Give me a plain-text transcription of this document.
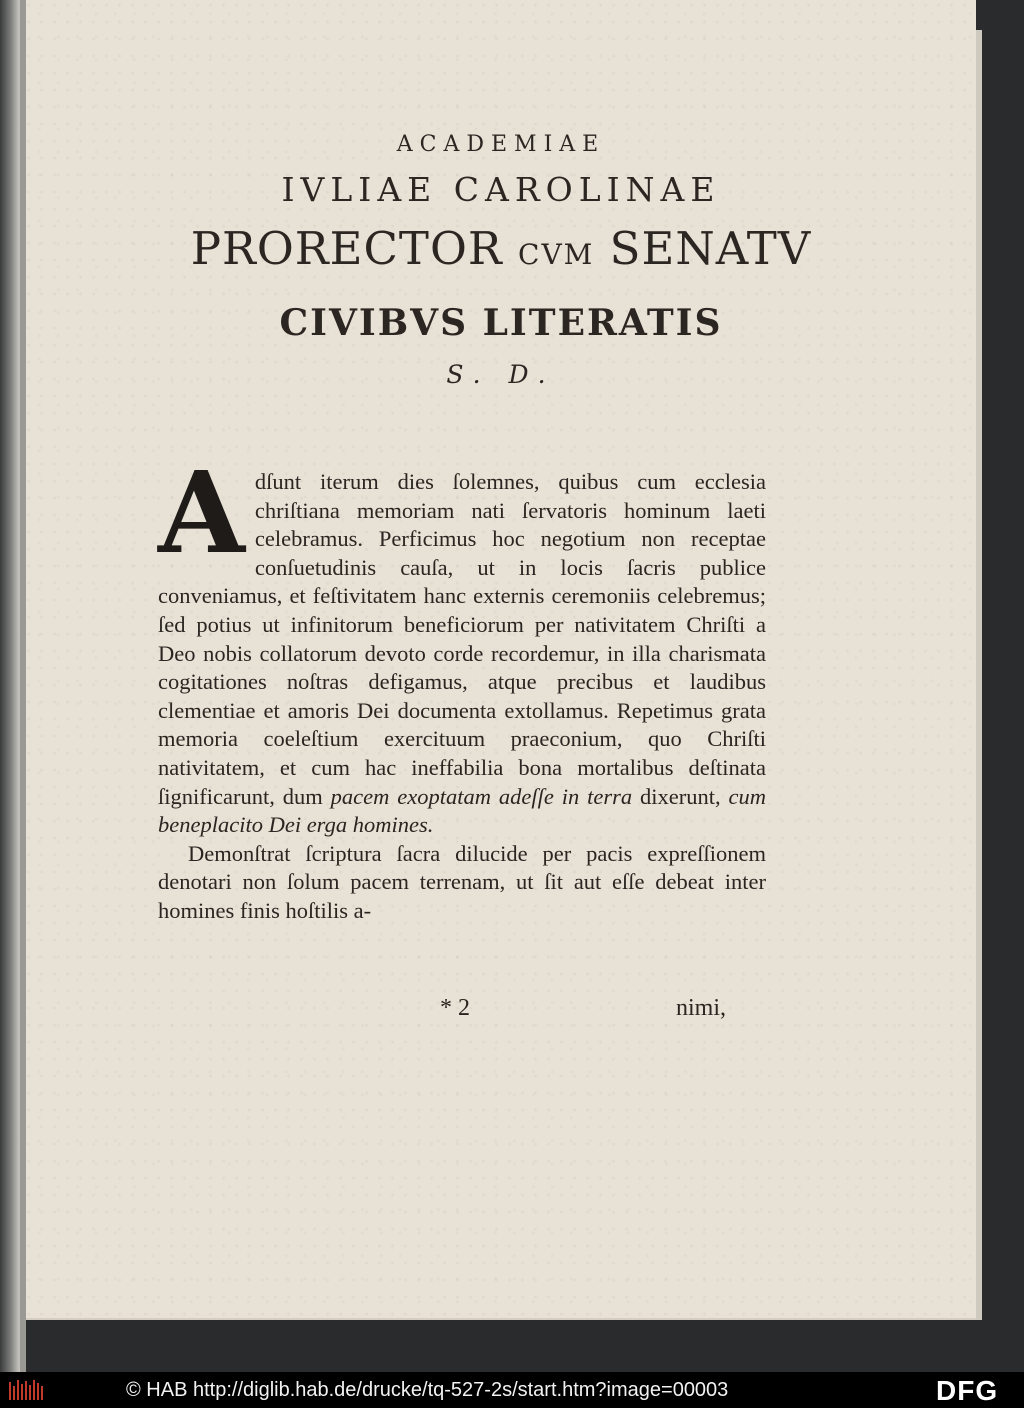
ACADEMIAE
IVLIAE CAROLINAE
PRORECTOR CVM SENATV
CIVIBVS LITERATIS
S. D.

Adſunt iterum dies ſolemnes, quibus cum ecclesia chriſtiana memoriam nati ſervatoris hominum laeti celebramus. Perficimus hoc negotium non receptae conſuetudinis cauſa, ut in locis ſacris publice conveniamus, et feſtivitatem hanc externis ceremoniis celebremus; ſed potius ut infinitorum beneficiorum per nativitatem Chriſti a Deo nobis collatorum devoto corde recordemur, in illa charismata cogitationes noſtras defigamus, atque precibus et laudibus clementiae et amoris Dei documenta extollamus. Repetimus grata memoria coeleſtium exercituum praeconium, quo Chriſti nativitatem, et cum hac ineffabilia bona mortalibus deſtinata ſignificarunt, dum pacem exoptatam adeſſe in terra dixerunt, cum beneplacito Dei erga homines.

Demonſtrat ſcriptura ſacra dilucide per pacis expreſſionem denotari non ſolum pacem terrenam, ut ſit aut eſſe debeat inter homines finis hoſtilis a-

* 2	nimi,
© HAB http://diglib.hab.de/drucke/tq-527-2s/start.htm?image=00003	DFG
